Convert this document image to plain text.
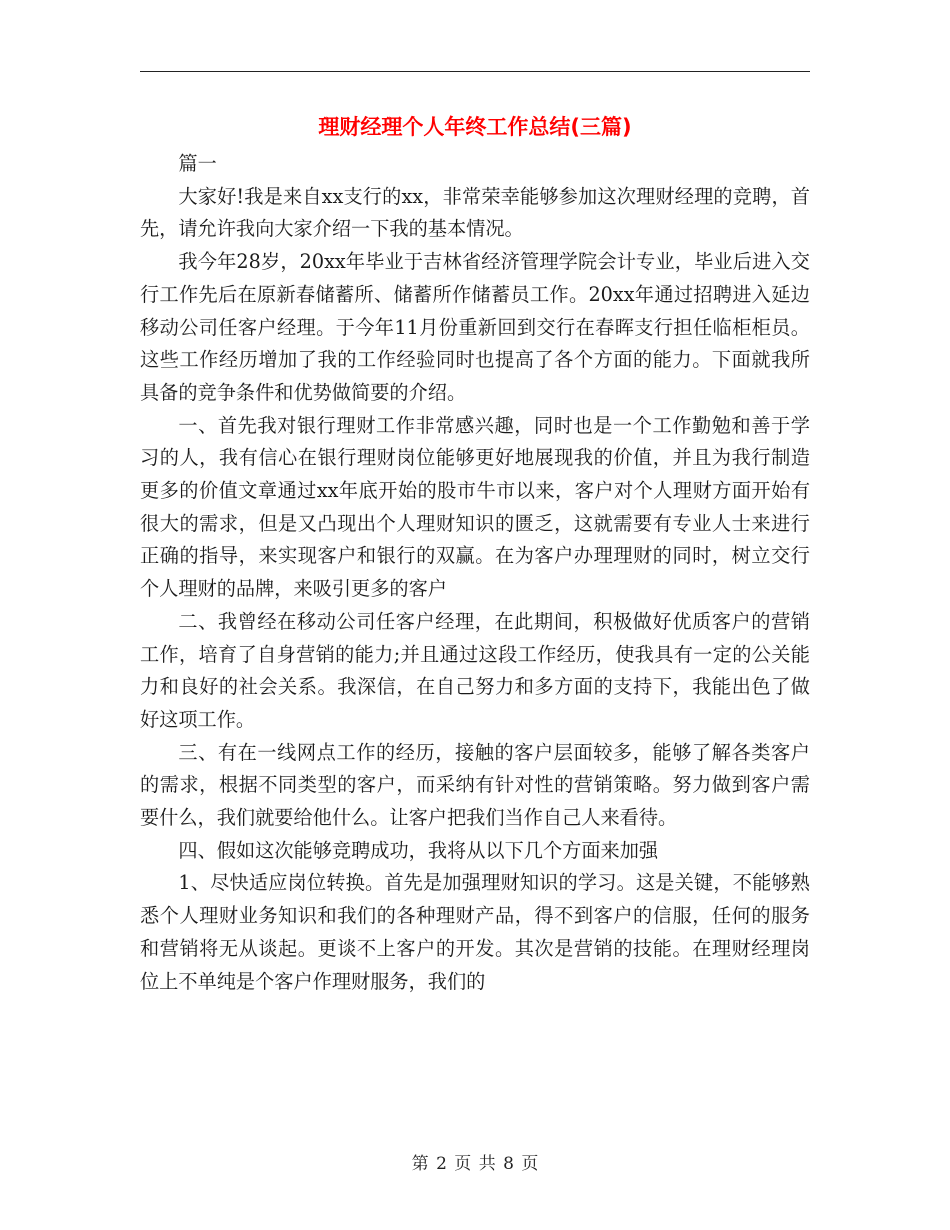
理财经理个人年终工作总结(三篇)

篇一

大家好!我是来自xx支行的xx，非常荣幸能够参加这次理财经理的竞聘，首先，请允许我向大家介绍一下我的基本情况。

我今年28岁，20xx年毕业于吉林省经济管理学院会计专业，毕业后进入交行工作先后在原新春储蓄所、储蓄所作储蓄员工作。20xx年通过招聘进入延边移动公司任客户经理。于今年11月份重新回到交行在春晖支行担任临柜柜员。这些工作经历增加了我的工作经验同时也提高了各个方面的能力。下面就我所具备的竞争条件和优势做简要的介绍。

一、首先我对银行理财工作非常感兴趣，同时也是一个工作勤勉和善于学习的人，我有信心在银行理财岗位能够更好地展现我的价值，并且为我行制造更多的价值文章通过xx年底开始的股市牛市以来，客户对个人理财方面开始有很大的需求，但是又凸现出个人理财知识的匮乏，这就需要有专业人士来进行正确的指导，来实现客户和银行的双赢。在为客户办理理财的同时，树立交行个人理财的品牌，来吸引更多的客户

二、我曾经在移动公司任客户经理，在此期间，积极做好优质客户的营销工作，培育了自身营销的能力;并且通过这段工作经历，使我具有一定的公关能力和良好的社会关系。我深信，在自己努力和多方面的支持下，我能出色了做好这项工作。

三、有在一线网点工作的经历，接触的客户层面较多，能够了解各类客户的需求，根据不同类型的客户，而采纳有针对性的营销策略。努力做到客户需要什么，我们就要给他什么。让客户把我们当作自己人来看待。

四、假如这次能够竞聘成功，我将从以下几个方面来加强

1、尽快适应岗位转换。首先是加强理财知识的学习。这是关键，不能够熟悉个人理财业务知识和我们的各种理财产品，得不到客户的信服，任何的服务和营销将无从谈起。更谈不上客户的开发。其次是营销的技能。在理财经理岗位上不单纯是个客户作理财服务，我们的

第 2 页 共 8 页
